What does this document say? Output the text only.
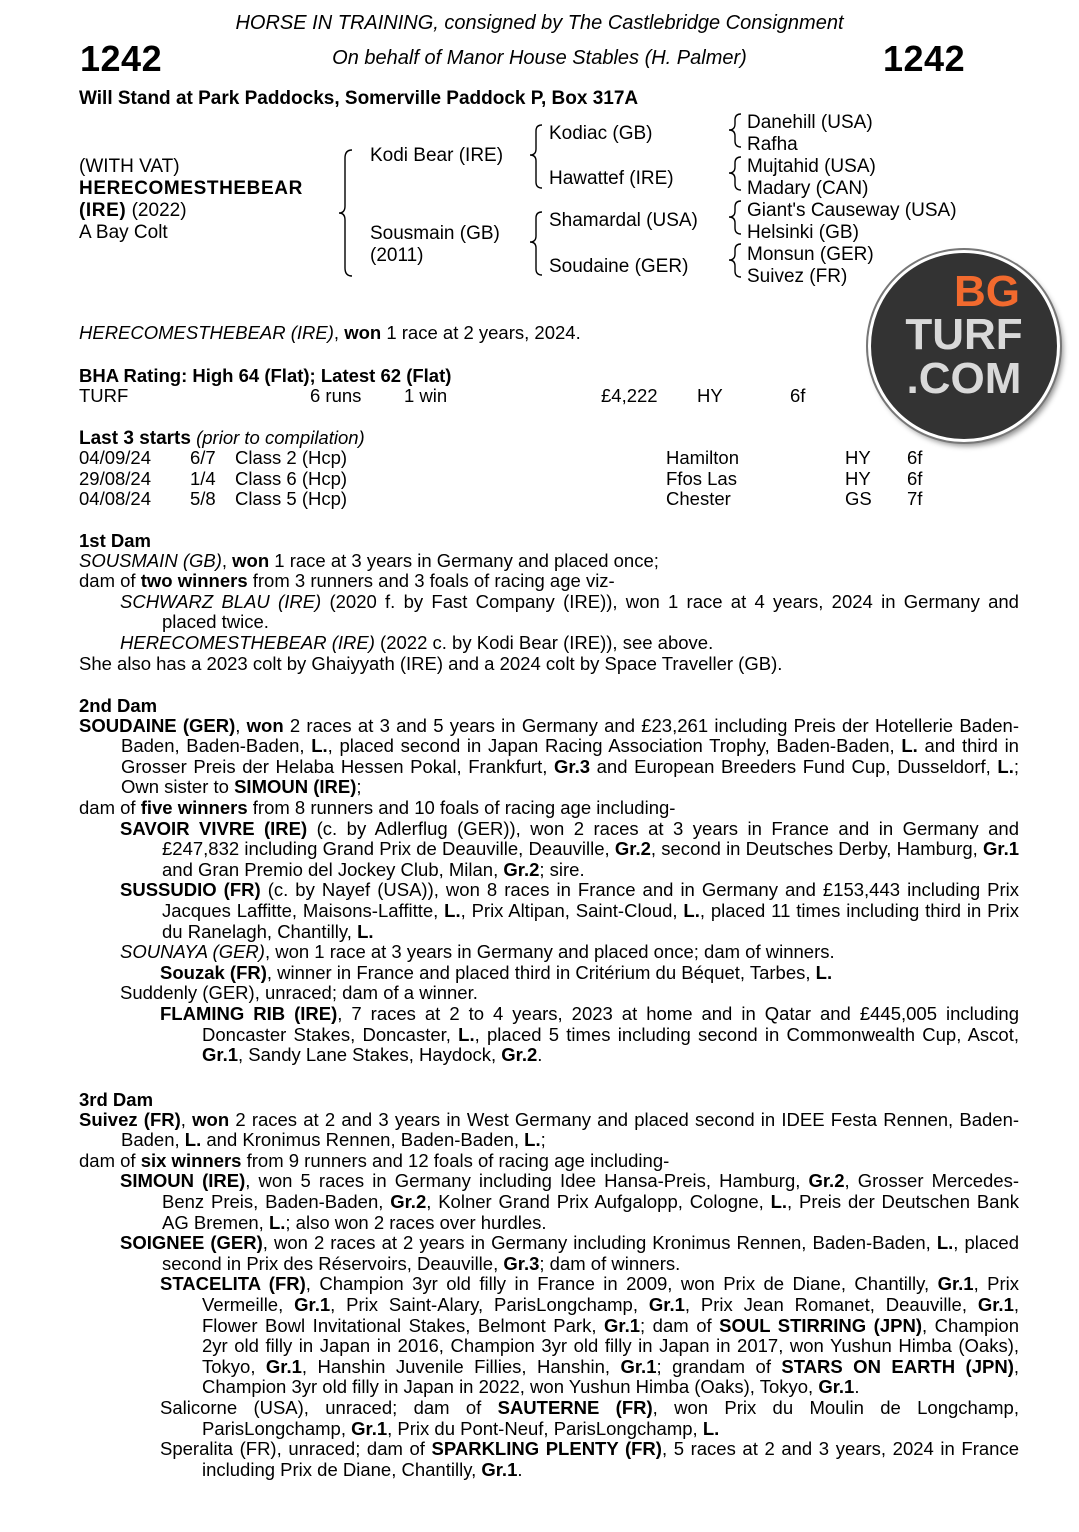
HORSE IN TRAINING, consigned by The Castlebridge Consignment
1242	On behalf of Manor House Stables (H. Palmer)	1242
Will Stand at Park Paddocks, Somerville Paddock P, Box 317A
(WITH VAT)
HERECOMESTHEBEAR
(IRE) (2022)
A Bay Colt
Kodi Bear (IRE)
Sousmain (GB)
(2011)
Kodiac (GB)
Hawattef (IRE)
Shamardal (USA)
Soudaine (GER)
Danehill (USA)
Rafha
Mujtahid (USA)
Madary (CAN)
Giant's Causeway (USA)
Helsinki (GB)
Monsun (GER)
Suivez (FR)	BG
TURF
.COM
HERECOMESTHEBEAR (IRE), won 1 race at 2 years, 2024.
BHA Rating: High 64 (Flat); Latest 62 (Flat)
TURF	6 runs 1 win	£4,222 HY	6f
Last 3 starts (prior to compilation)
04/09/24 6/7 Class 2 (Hcp)	Hamilton	HY 6f
29/08/24 1/4 Class 6 (Hcp)	Ffos Las	HY 6f
04/08/24 5/8 Class 5 (Hcp)	Chester	GS 7f
1st Dam
SOUSMAIN (GB), won 1 race at 3 years in Germany and placed once;
dam of two winners from 3 runners and 3 foals of racing age viz-
SCHWARZ BLAU (IRE) (2020 f. by Fast Company (IRE)), won 1 race at 4 years, 2024 in Germany and placed twice.
HERECOMESTHEBEAR (IRE) (2022 c. by Kodi Bear (IRE)), see above.
She also has a 2023 colt by Ghaiyyath (IRE) and a 2024 colt by Space Traveller (GB).
2nd Dam
SOUDAINE (GER), won 2 races at 3 and 5 years in Germany and £23,261 including Preis der Hotellerie Baden-Baden, Baden-Baden, L., placed second in Japan Racing Association Trophy, Baden-Baden, L. and third in Grosser Preis der Helaba Hessen Pokal, Frankfurt, Gr.3 and European Breeders Fund Cup, Dusseldorf, L.; Own sister to SIMOUN (IRE);
dam of five winners from 8 runners and 10 foals of racing age including-
SAVOIR VIVRE (IRE) (c. by Adlerflug (GER)), won 2 races at 3 years in France and in Germany and £247,832 including Grand Prix de Deauville, Deauville, Gr.2, second in Deutsches Derby, Hamburg, Gr.1 and Gran Premio del Jockey Club, Milan, Gr.2; sire.
SUSSUDIO (FR) (c. by Nayef (USA)), won 8 races in France and in Germany and £153,443 including Prix Jacques Laffitte, Maisons-Laffitte, L., Prix Altipan, Saint-Cloud, L., placed 11 times including third in Prix du Ranelagh, Chantilly, L.
SOUNAYA (GER), won 1 race at 3 years in Germany and placed once; dam of winners.
Souzak (FR), winner in France and placed third in Critérium du Béquet, Tarbes, L.
Suddenly (GER), unraced; dam of a winner.
FLAMING RIB (IRE), 7 races at 2 to 4 years, 2023 at home and in Qatar and £445,005 including Doncaster Stakes, Doncaster, L., placed 5 times including second in Commonwealth Cup, Ascot, Gr.1, Sandy Lane Stakes, Haydock, Gr.2.
3rd Dam
Suivez (FR), won 2 races at 2 and 3 years in West Germany and placed second in IDEE Festa Rennen, Baden-Baden, L. and Kronimus Rennen, Baden-Baden, L.;
dam of six winners from 9 runners and 12 foals of racing age including-
SIMOUN (IRE), won 5 races in Germany including Idee Hansa-Preis, Hamburg, Gr.2, Grosser Mercedes-Benz Preis, Baden-Baden, Gr.2, Kolner Grand Prix Aufgalopp, Cologne, L., Preis der Deutschen Bank AG Bremen, L.; also won 2 races over hurdles.
SOIGNEE (GER), won 2 races at 2 years in Germany including Kronimus Rennen, Baden-Baden, L., placed second in Prix des Réservoirs, Deauville, Gr.3; dam of winners.
STACELITA (FR), Champion 3yr old filly in France in 2009, won Prix de Diane, Chantilly, Gr.1, Prix Vermeille, Gr.1, Prix Saint-Alary, ParisLongchamp, Gr.1, Prix Jean Romanet, Deauville, Gr.1, Flower Bowl Invitational Stakes, Belmont Park, Gr.1; dam of SOUL STIRRING (JPN), Champion 2yr old filly in Japan in 2016, Champion 3yr old filly in Japan in 2017, won Yushun Himba (Oaks), Tokyo, Gr.1, Hanshin Juvenile Fillies, Hanshin, Gr.1; grandam of STARS ON EARTH (JPN), Champion 3yr old filly in Japan in 2022, won Yushun Himba (Oaks), Tokyo, Gr.1.
Salicorne (USA), unraced; dam of SAUTERNE (FR), won Prix du Moulin de Longchamp, ParisLongchamp, Gr.1, Prix du Pont-Neuf, ParisLongchamp, L.
Speralita (FR), unraced; dam of SPARKLING PLENTY (FR), 5 races at 2 and 3 years, 2024 in France including Prix de Diane, Chantilly, Gr.1.
